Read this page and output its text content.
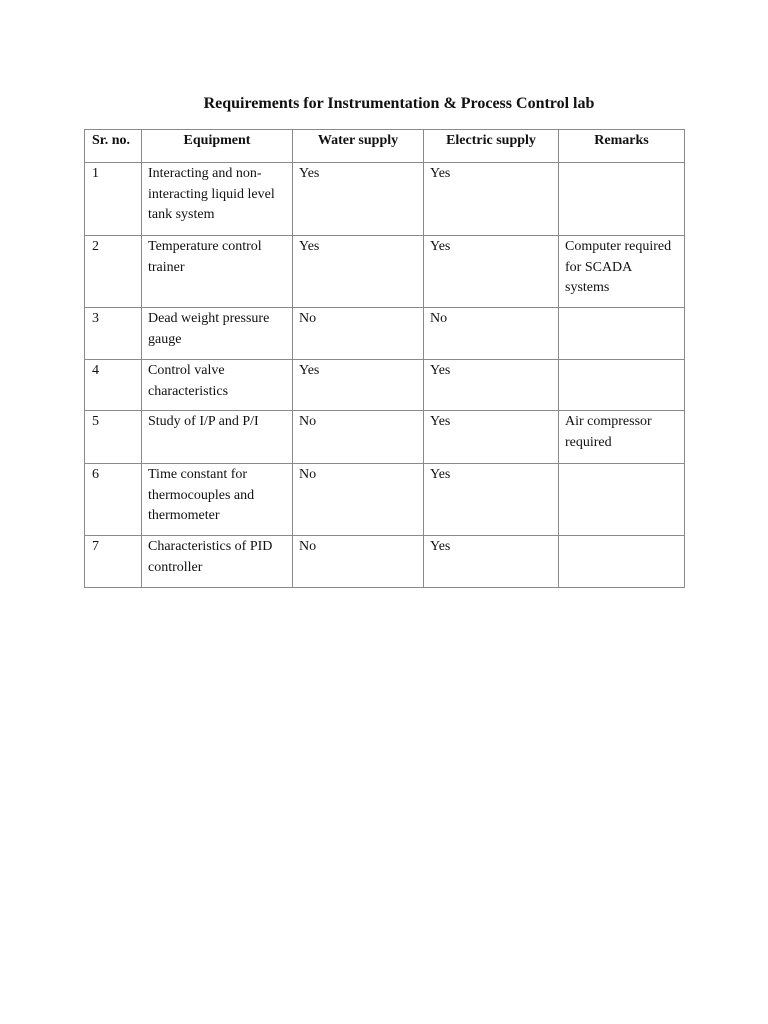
Requirements for Instrumentation & Process Control lab
Sr. no.	Equipment	Water supply	Electric supply	Remarks
1	Interacting and non-interacting liquid level tank system	Yes	Yes	
2	Temperature control trainer	Yes	Yes	Computer required for SCADA systems
3	Dead weight pressure gauge	No	No	
4	Control valve characteristics	Yes	Yes	
5	Study of I/P and P/I	No	Yes	Air compressor required
6	Time constant for thermocouples and thermometer	No	Yes	
7	Characteristics of PID controller	No	Yes	
